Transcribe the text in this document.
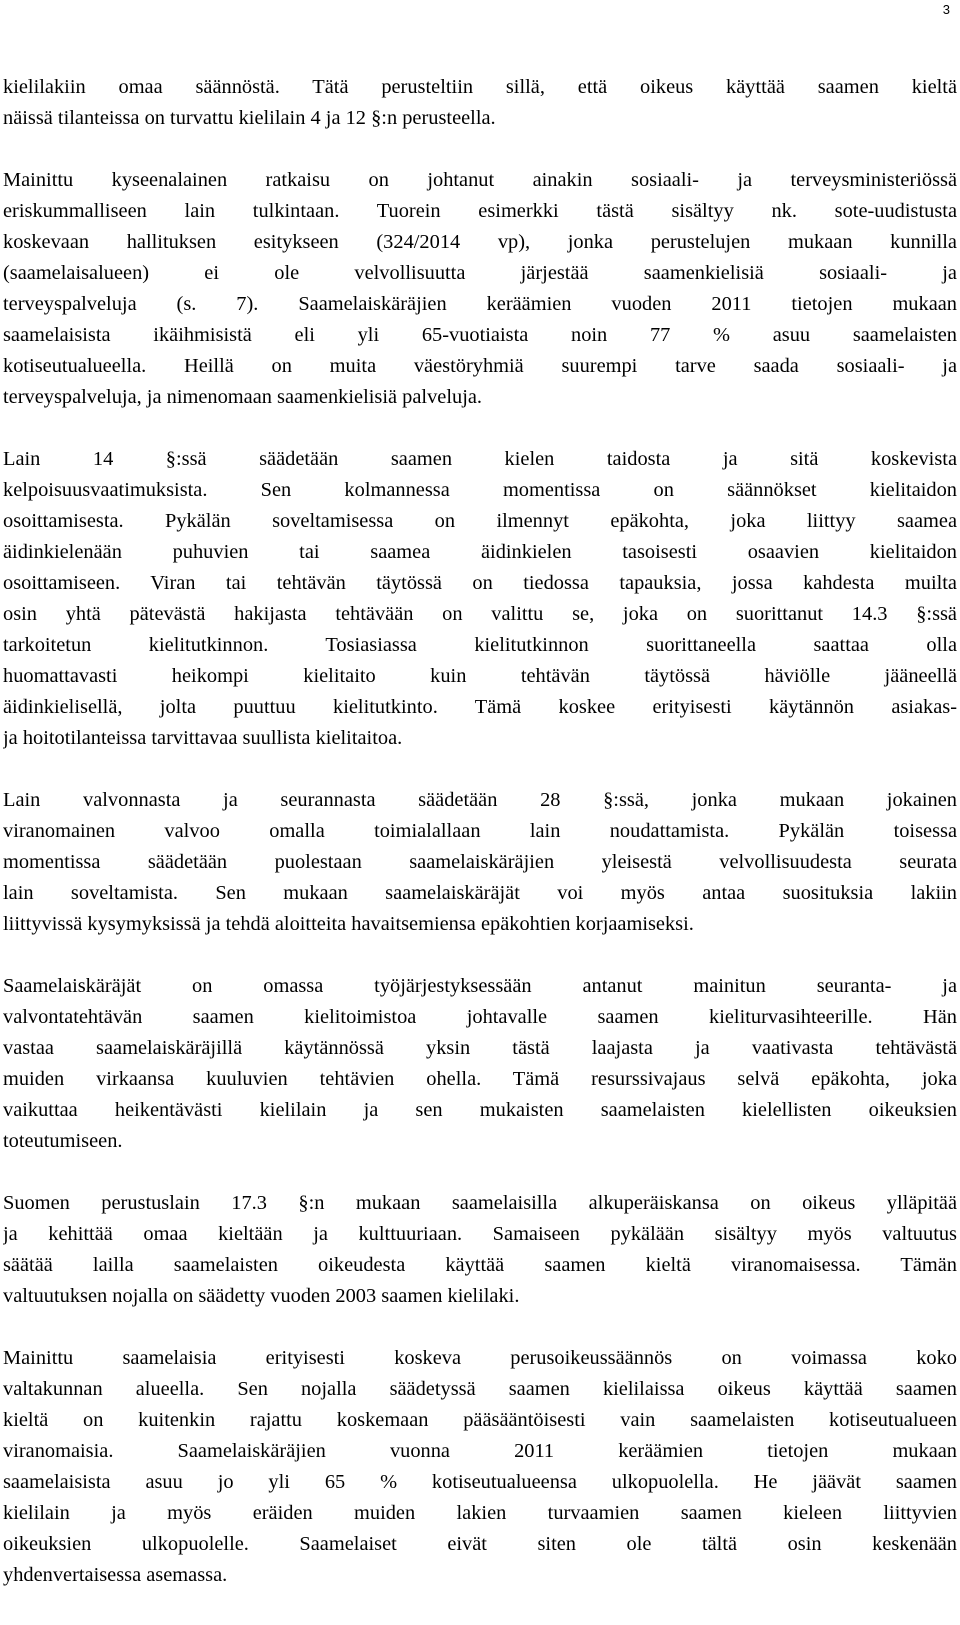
3
kielilakiin omaa säännöstä. Tätä perusteltiin sillä, että oikeus käyttää saamen kieltä
näissä tilanteissa on turvattu kielilain 4 ja 12 §:n perusteella.
Mainittu kyseenalainen ratkaisu on johtanut ainakin sosiaali- ja terveysministeriössä
eriskummalliseen lain tulkintaan. Tuorein esimerkki tästä sisältyy nk. sote-uudistusta
koskevaan hallituksen esitykseen (324/2014 vp), jonka perustelujen mukaan kunnilla
(saamelaisalueen) ei ole velvollisuutta järjestää saamenkielisiä sosiaali- ja
terveyspalveluja (s. 7). Saamelaiskäräjien keräämien vuoden 2011 tietojen mukaan
saamelaisista ikäihmisistä eli yli 65-vuotiaista noin 77 % asuu saamelaisten
kotiseutualueella. Heillä on muita väestöryhmiä suurempi tarve saada sosiaali- ja
terveyspalveluja, ja nimenomaan saamenkielisiä palveluja.
Lain 14 §:ssä säädetään saamen kielen taidosta ja sitä koskevista
kelpoisuusvaatimuksista. Sen kolmannessa momentissa on säännökset kielitaidon
osoittamisesta. Pykälän soveltamisessa on ilmennyt epäkohta, joka liittyy saamea
äidinkielenään puhuvien tai saamea äidinkielen tasoisesti osaavien kielitaidon
osoittamiseen. Viran tai tehtävän täytössä on tiedossa tapauksia, jossa kahdesta muilta
osin yhtä pätevästä hakijasta tehtävään on valittu se, joka on suorittanut 14.3 §:ssä
tarkoitetun kielitutkinnon. Tosiasiassa kielitutkinnon suorittaneella saattaa olla
huomattavasti heikompi kielitaito kuin tehtävän täytössä häviölle jääneellä
äidinkielisellä, jolta puuttuu kielitutkinto. Tämä koskee erityisesti käytännön asiakas-
ja hoitotilanteissa tarvittavaa suullista kielitaitoa.
Lain valvonnasta ja seurannasta säädetään 28 §:ssä, jonka mukaan jokainen
viranomainen valvoo omalla toimialallaan lain noudattamista. Pykälän toisessa
momentissa säädetään puolestaan saamelaiskäräjien yleisestä velvollisuudesta seurata
lain soveltamista. Sen mukaan saamelaiskäräjät voi myös antaa suosituksia lakiin
liittyvissä kysymyksissä ja tehdä aloitteita havaitsemiensa epäkohtien korjaamiseksi.
Saamelaiskäräjät on omassa työjärjestyksessään antanut mainitun seuranta- ja
valvontatehtävän saamen kielitoimistoa johtavalle saamen kieliturvasihteerille. Hän
vastaa saamelaiskäräjillä käytännössä yksin tästä laajasta ja vaativasta tehtävästä
muiden virkaansa kuuluvien tehtävien ohella. Tämä resurssivajaus selvä epäkohta, joka
vaikuttaa heikentävästi kielilain ja sen mukaisten saamelaisten kielellisten oikeuksien
toteutumiseen.
Suomen perustuslain 17.3 §:n mukaan saamelaisilla alkuperäiskansa on oikeus ylläpitää
ja kehittää omaa kieltään ja kulttuuriaan. Samaiseen pykälään sisältyy myös valtuutus
säätää lailla saamelaisten oikeudesta käyttää saamen kieltä viranomaisessa. Tämän
valtuutuksen nojalla on säädetty vuoden 2003 saamen kielilaki.
Mainittu saamelaisia erityisesti koskeva perusoikeussäännös on voimassa koko
valtakunnan alueella. Sen nojalla säädetyssä saamen kielilaissa oikeus käyttää saamen
kieltä on kuitenkin rajattu koskemaan pääsääntöisesti vain saamelaisten kotiseutualueen
viranomaisia. Saamelaiskäräjien vuonna 2011 keräämien tietojen mukaan
saamelaisista asuu jo yli 65 % kotiseutualueensa ulkopuolella. He jäävät saamen
kielilain ja myös eräiden muiden lakien turvaamien saamen kieleen liittyvien
oikeuksien ulkopuolelle. Saamelaiset eivät siten ole tältä osin keskenään
yhdenvertaisessa asemassa.
